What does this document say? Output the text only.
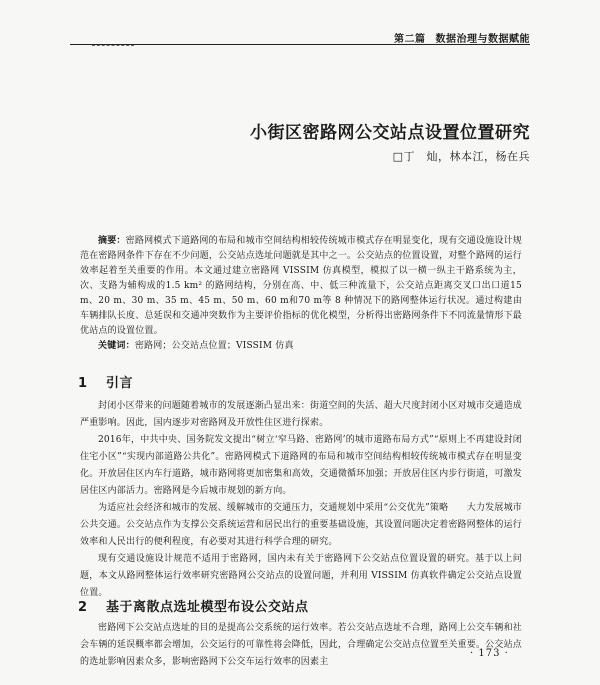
第二篇 数据治理与数据赋能
小街区密路网公交站点设置位置研究
□丁　灿，林本江，杨在兵

摘要：密路网模式下道路网的布局和城市空间结构相较传统城市模式存在明显变化，现有交通设施设计规范在密路网条件下存在不少问题，公交站点选址问题就是其中之一。公交站点的位置设置，对整个路网的运行效率起着至关重要的作用。本文通过建立密路网 VISSIM 仿真模型，模拟了以一横一纵主干路系统为主，次、支路为辅构成的1.5 km² 的路网结构，分别在高、中、低三种流量下，公交站点距离交叉口出口道15 m、20 m、30 m、35 m、45 m、50 m、60 m和70 m等 8 种情况下的路网整体运行状况。通过构建由车辆排队长度、总延误和交通冲突数作为主要评价指标的优化模型，分析得出密路网条件下不同流量情形下最优站点的设置位置。

关键词：密路网；公交站点位置；VISSIM 仿真

1 引言

封闭小区带来的问题随着城市的发展逐渐凸显出来：街道空间的失活、超大尺度封闭小区对城市交通造成严重影响。因此，国内逐步对密路网及开放性住区进行探索。

2016年，中共中央、国务院发文提出“树立‘窄马路、密路网’的城市道路布局方式”“原则上不再建设封闭住宅小区”“实现内部道路公共化”。密路网模式下道路网的布局和城市空间结构相较传统城市模式存在明显变化。开放居住区内车行道路，城市路网将更加密集和高效，交通微循环加强；开放居住区内步行街道，可激发居住区内部活力。密路网是今后城市规划的新方向。

为适应社会经济和城市的发展、缓解城市的交通压力，交通规划中采用“公交优先”策略　　大力发展城市公共交通。公交站点作为支撑公交系统运营和居民出行的重要基础设施，其设置问题决定着密路网整体的运行效率和人民出行的便利程度，有必要对其进行科学合理的研究。

现有交通设施设计规范不适用于密路网，国内未有关于密路网下公交站点位置设置的研究。基于以上问题，本文从路网整体运行效率研究密路网公交站点的设置问题，并利用 VISSIM 仿真软件确定公交站点设置位置。

2 基于离散点选址模型布设公交站点

密路网下公交站点选址的目的是提高公交系统的运行效率。若公交站点选址不合理，路网上公交车辆和社会车辆的延误概率都会增加，公交运行的可靠性将会降低，因此，合理确定公交站点位置至关重要。公交站点的选址影响因素众多，影响密路网下公交车运行效率的因素主

· 173 ·
